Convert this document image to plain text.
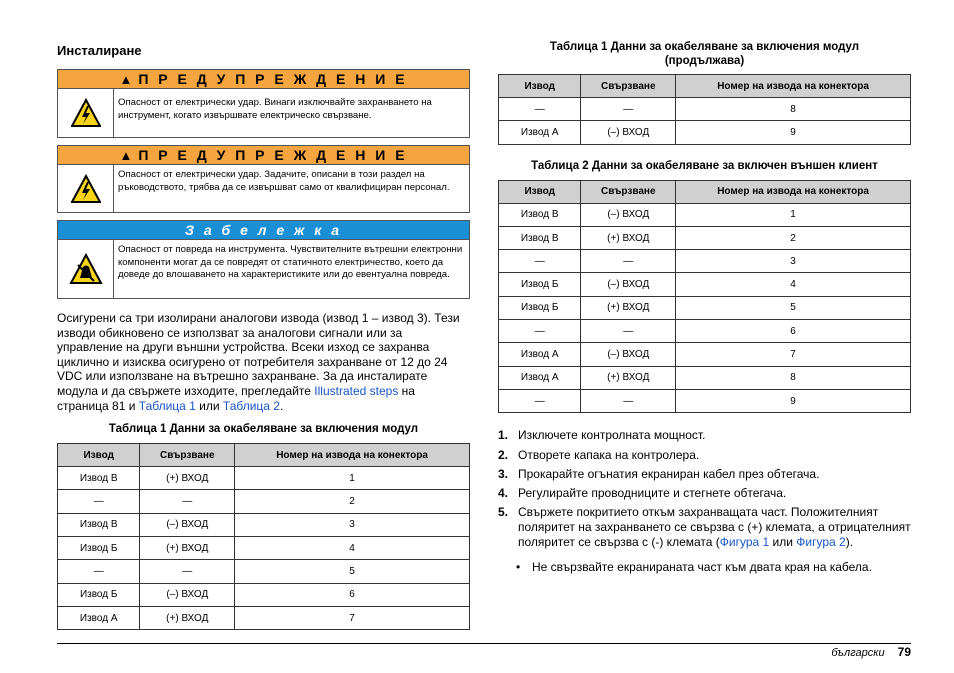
Инсталиране
▲ П Р Е Д У П Р Е Ж Д Е Н И Е
Опасност от електрически удар. Винаги изключвайте захранването на инструмент, когато извършвате електрическо свързване.
▲ П Р Е Д У П Р Е Ж Д Е Н И Е
Опасност от електрически удар. Задачите, описани в този раздел на ръководството, трябва да се извършват само от квалифициран персонал.
З а б е л е ж к а
Опасност от повреда на инструмента. Чувствителните вътрешни електронни компоненти могат да се повредят от статичното електричество, което да доведе до влошаването на характеристиките или до евентуална повреда.
Осигурени са три изолирани аналогови извода (извод 1 – извод 3). Тези изводи обикновено се използват за аналогови сигнали или за управление на други външни устройства. Всеки изход се захранва циклично и изисква осигурено от потребителя захранване от 12 до 24 VDC или използване на вътрешно захранване. За да инсталирате модула и да свържете изходите, прегледайте Illustrated steps на страница 81 и Таблица 1 или Таблица 2.
Таблица 1 Данни за окабеляване за включения модул
Извод	Свързване	Номер на извода на конектора
Извод В	(+) ВХОД	1
—	—	2
Извод В	(–) ВХОД	3
Извод Б	(+) ВХОД	4
—	—	5
Извод Б	(–) ВХОД	6
Извод А	(+) ВХОД	7
Таблица 1 Данни за окабеляване за включения модул
(продължава)
Извод	Свързване	Номер на извода на конектора
—	—	8
Извод А	(–) ВХОД	9
Таблица 2 Данни за окабеляване за включен външен клиент
Извод	Свързване	Номер на извода на конектора
Извод В	(–) ВХОД	1
Извод В	(+) ВХОД	2
—	—	3
Извод Б	(–) ВХОД	4
Извод Б	(+) ВХОД	5
—	—	6
Извод А	(–) ВХОД	7
Извод А	(+) ВХОД	8
—	—	9
1. Изключете контролната мощност.
2. Отворете капака на контролера.
3. Прокарайте огънатия екраниран кабел през обтегача.
4. Регулирайте проводниците и стегнете обтегача.
5. Свържете покритието откъм захранващата част. Положителният поляритет на захранването се свързва с (+) клемата, а отрицателният поляритет се свързва с (-) клемата (Фигура 1 или Фигура 2).
• Не свързвайте екранираната част към двата края на кабела.
български 79
